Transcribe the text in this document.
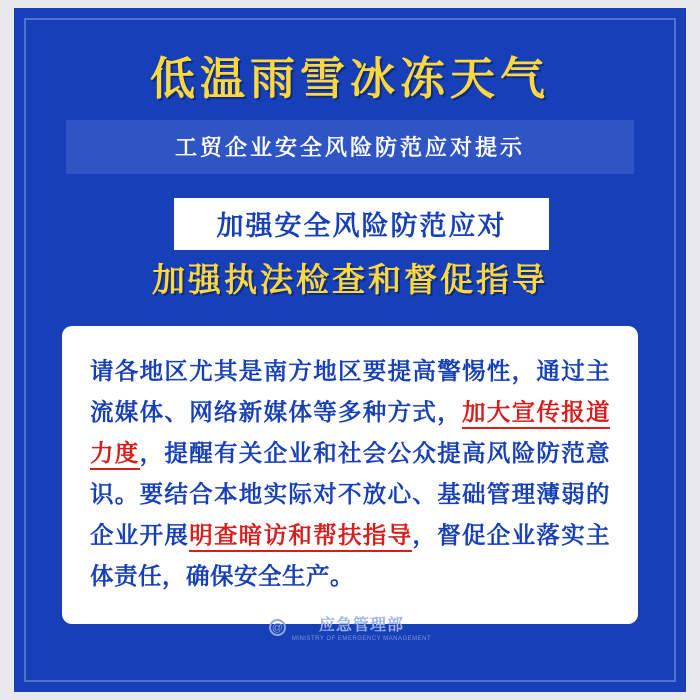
低温雨雪冰冻天气
工贸企业安全风险防范应对提示
加强安全风险防范应对
加强执法检查和督促指导
请各地区尤其是南方地区要提高警惕性，通过主流媒体、网络新媒体等多种方式，加大宣传报道力度，提醒有关企业和社会公众提高风险防范意识。要结合本地实际对不放心、基础管理薄弱的企业开展明查暗访和帮扶指导，督促企业落实主体责任，确保安全生产。
@	应急管理部
MINISTRY OF EMERGENCY MANAGEMENT
